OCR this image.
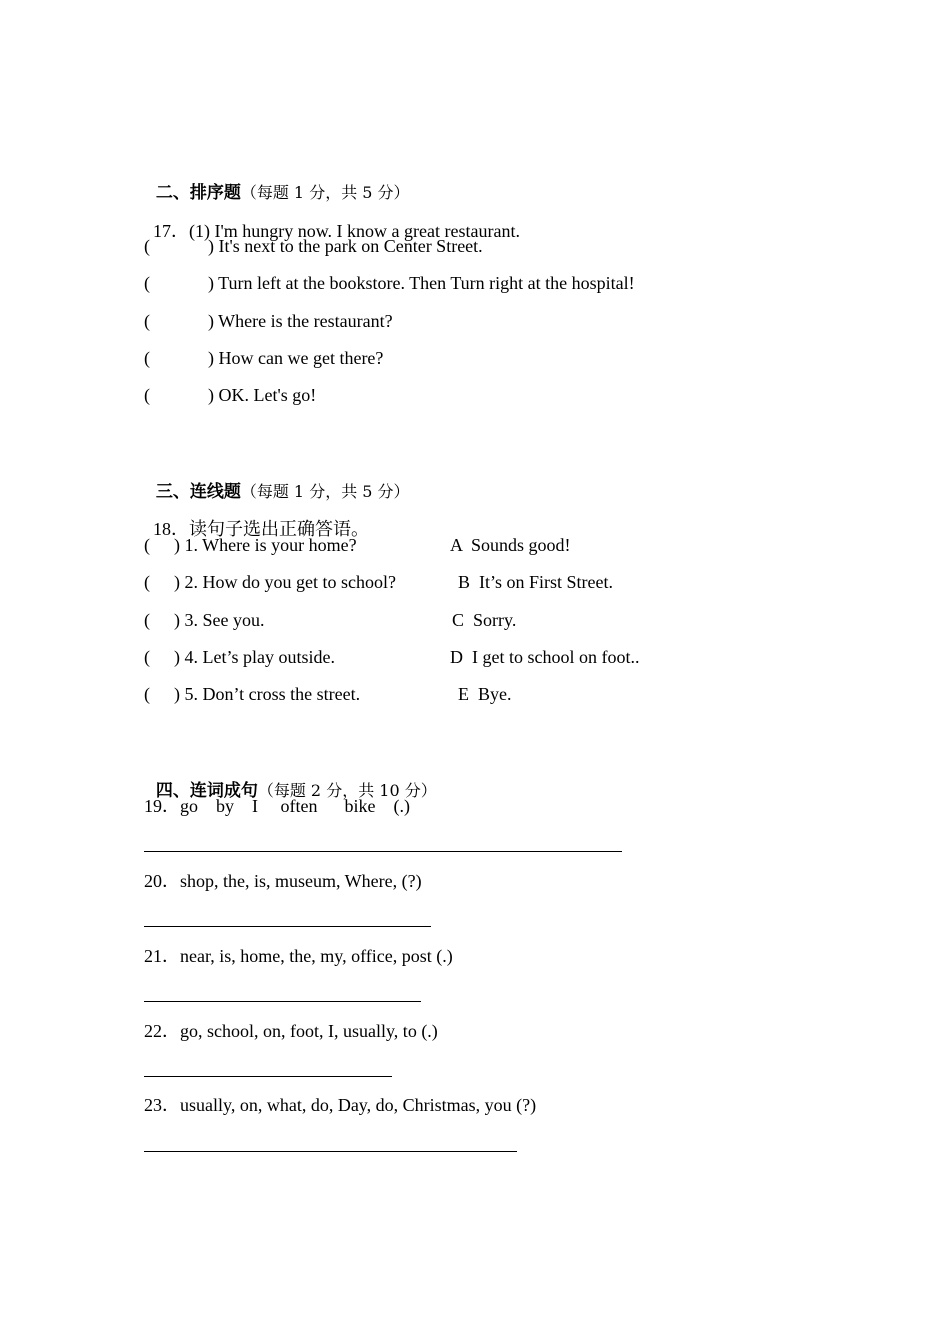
二、排序题（每题 1 分，共 5 分）

17．(1) I'm hungry now. I know a great restaurant.

(	) It's next to the park on Center Street.
(	) Turn left at the bookstore. Then Turn right at the hospital!
(	) Where is the restaurant?
(	) How can we get there?
(	) OK. Let's go!

三、连线题（每题 1 分，共 5 分）

18．读句子选出正确答语。

( ) 1. Where is your home?	A  Sounds good!
( ) 2. How do you get to school?	B  It’s on First Street.
( ) 3. See you.	C  Sorry.
( ) 4. Let’s play outside.	D  I get to school on foot..
( ) 5. Don’t cross the street.	E  Bye.

四、连词成句（每题 2 分，共 10 分）

19．go    by    I     often      bike    (.)
20．shop, the, is, museum, Where, (?)
21．near, is, home, the, my, office, post (.)
22．go, school, on, foot, I, usually, to (.)
23．usually, on, what, do, Day, do, Christmas, you (?)
